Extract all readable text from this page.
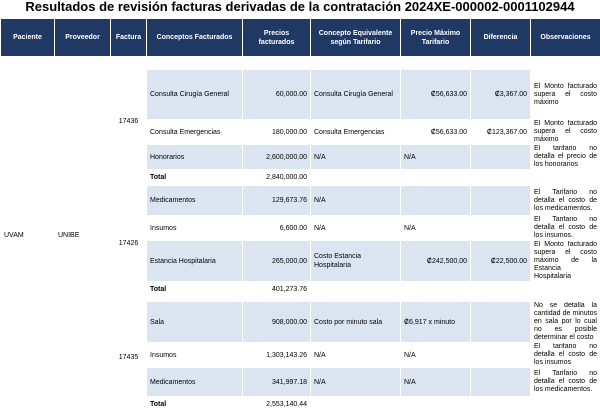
Resultados de revisión facturas derivadas de la contratación 2024XE-000002-0001102944
Paciente	Proveedor	Factura	Conceptos Facturados	Precios facturados	Concepto Equivalente según Tarifario	Precio Máximo Tarifario	Diferencia	Observaciones
UVAM	UNIBE	17436						
			Consulta Cirugía General	60,000.00	Consulta Cirugía General	₡56,633.00	₡3,367.00	El Monto facturado supera el costo máximo
			Consulta Emergencias	180,000.00	Consulta Emergencias	₡56,633.00	₡123,367.00	El Monto facturado supera el costo máximo
			Honorarios	2,600,000.00	N/A	N/A		El tarifario no detalla el precio de los honorarios
			Total	2,840,000.00				
		17426	Medicamentos	129,673.76	N/A			El Tarifario no detalla el costo de los medicamentos.
			Insumos	6,600.00	N/A	N/A		El Tarifario no detalla el costo de los insumos.
			Estancia Hospitalaria	265,000.00	Costo Estancia Hospitalaria	₡242,500.00	₡22,500.00	El Monto facturado supera el costo máximo de la Estancia Hospitalaria
			Total	401,273.76				

		17435	Sala	908,000.00	Costo por minuto sala	₡6,917 x minuto		No se detalla la cantidad de minutos en sala por lo cual no es posible determinar el costo
			Insumos	1,303,143.26	N/A	N/A		El tarifario no detalla el costo de los insumos
			Medicamentos	341,997.18	N/A	N/A		El Tarifario no detalla el costo de los medicamentos.
			Total	2,553,140.44				
